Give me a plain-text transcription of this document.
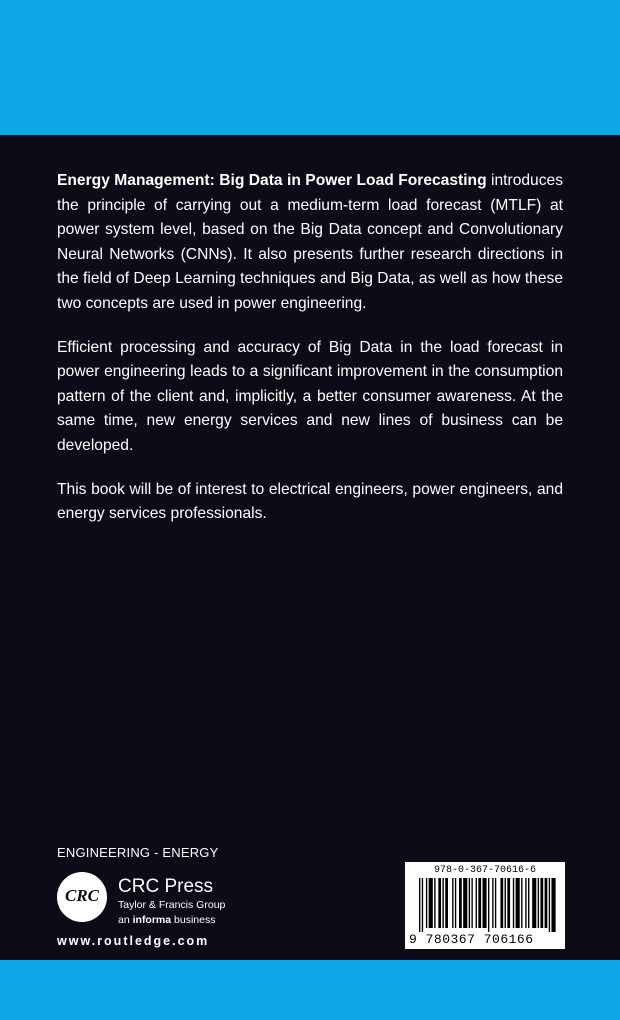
Energy Management: Big Data in Power Load Forecasting introduces the principle of carrying out a medium-term load forecast (MTLF) at power system level, based on the Big Data concept and Convolutionary Neural Networks (CNNs). It also presents further research directions in the field of Deep Learning techniques and Big Data, as well as how these two concepts are used in power engineering.

Efficient processing and accuracy of Big Data in the load forecast in power engineering leads to a significant improvement in the consumption pattern of the client and, implicitly, a better consumer awareness. At the same time, new energy services and new lines of business can be developed.

This book will be of interest to electrical engineers, power engineers, and energy services professionals.

ENGINEERING - ENERGY
CRC CRC Press
Taylor & Francis Group
an informa business
www.routledge.com
978-0-367-70616-6
9 780367 706166
